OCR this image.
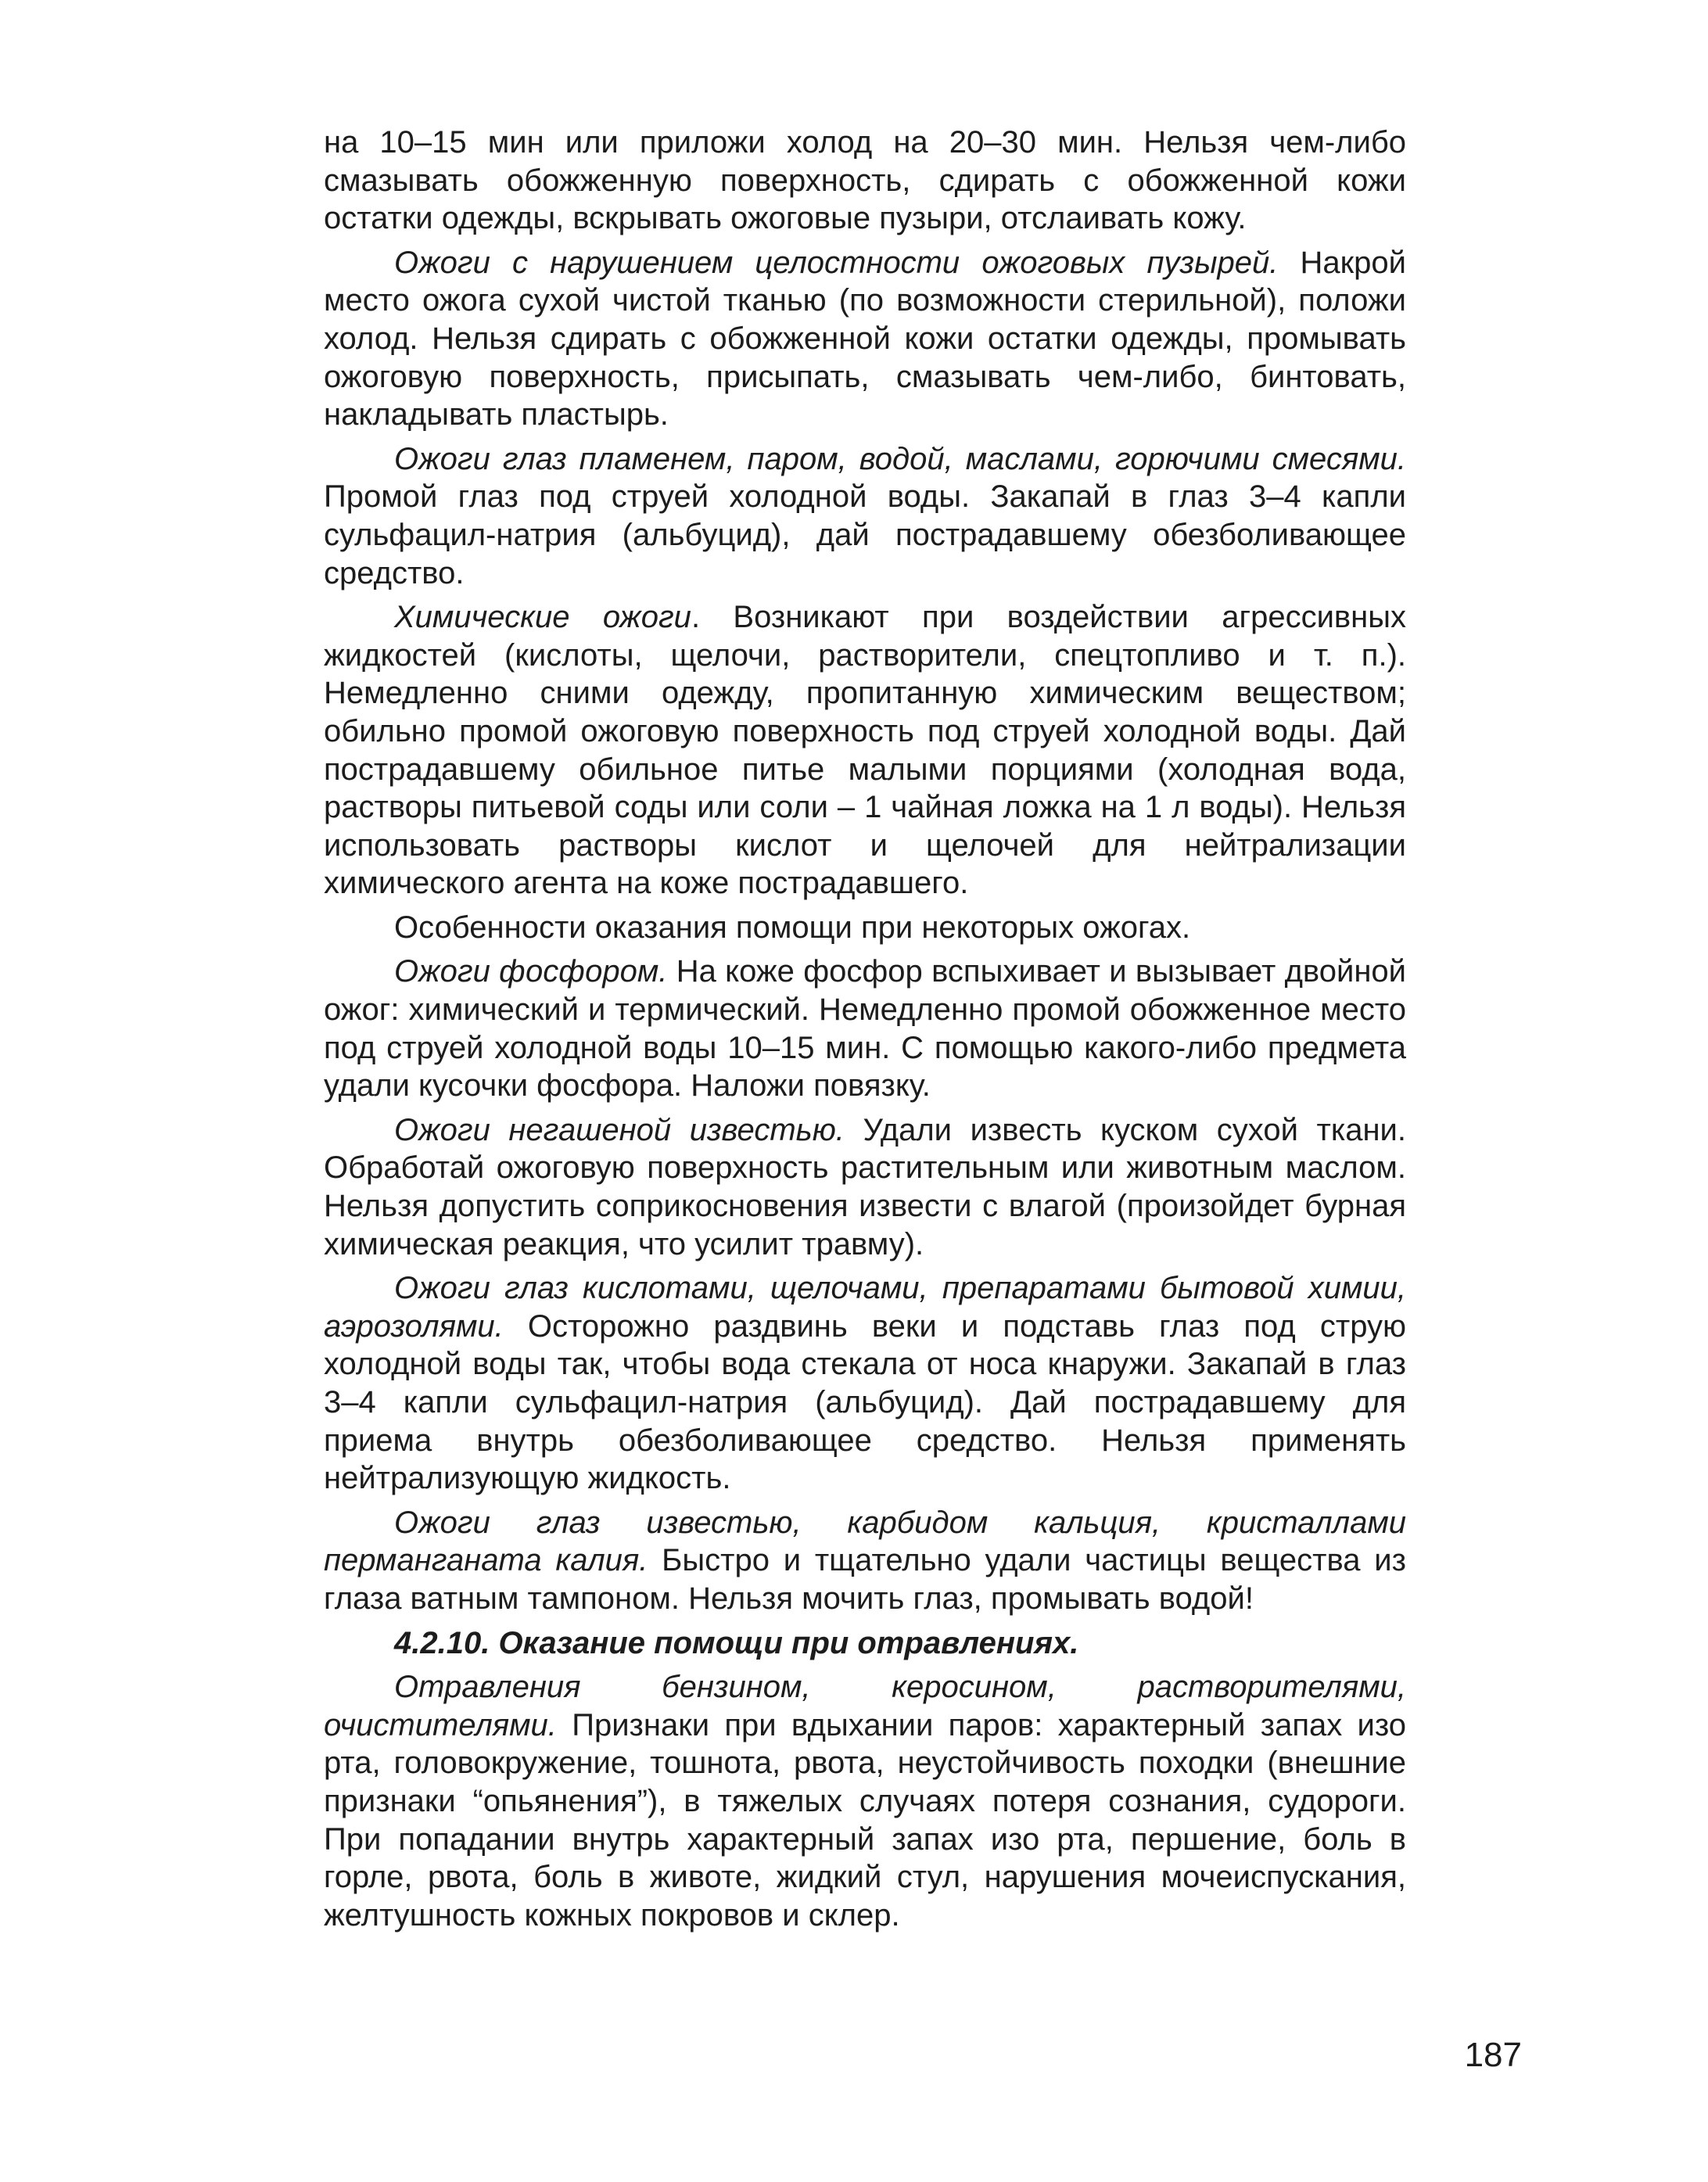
на 10–15 мин или приложи холод на 20–30 мин. Нельзя чем-либо смазывать обожженную поверхность, сдирать с обожженной кожи остатки одежды, вскрывать ожоговые пузыри, отслаивать кожу.

Ожоги с нарушением целостности ожоговых пузырей. Накрой место ожога сухой чистой тканью (по возможности стерильной), положи холод. Нельзя сдирать с обожженной кожи остатки одежды, промывать ожоговую поверхность, присыпать, смазывать чем-либо, бинтовать, накладывать пластырь.

Ожоги глаз пламенем, паром, водой, маслами, горючими смесями. Промой глаз под струей холодной воды. Закапай в глаз 3–4 капли сульфацил-натрия (альбуцид), дай пострадавшему обезболивающее средство.

Химические ожоги. Возникают при воздействии агрессивных жидкостей (кислоты, щелочи, растворители, спецтопливо и т. п.). Немедленно сними одежду, пропитанную химическим веществом; обильно промой ожоговую поверхность под струей холодной воды. Дай пострадавшему обильное питье малыми порциями (холодная вода, растворы питьевой соды или соли – 1 чайная ложка на 1 л воды). Нельзя использовать растворы кислот и щелочей для нейтрализации химического агента на коже пострадавшего.

Особенности оказания помощи при некоторых ожогах.

Ожоги фосфором. На коже фосфор вспыхивает и вызывает двойной ожог: химический и термический. Немедленно промой обожженное место под струей холодной воды 10–15 мин. С помощью какого-либо предмета удали кусочки фосфора. Наложи повязку.

Ожоги негашеной известью. Удали известь куском сухой ткани. Обработай ожоговую поверхность растительным или животным маслом. Нельзя допустить соприкосновения извести с влагой (произойдет бурная химическая реакция, что усилит травму).

Ожоги глаз кислотами, щелочами, препаратами бытовой химии, аэрозолями. Осторожно раздвинь веки и подставь глаз под струю холодной воды так, чтобы вода стекала от носа кнаружи. Закапай в глаз 3–4 капли сульфацил-натрия (альбуцид). Дай пострадавшему для приема внутрь обезболивающее средство. Нельзя применять нейтрализующую жидкость.

Ожоги глаз известью, карбидом кальция, кристаллами перманганата калия. Быстро и тщательно удали частицы вещества из глаза ватным тампоном. Нельзя мочить глаз, промывать водой!

4.2.10. Оказание помощи при отравлениях.

Отравления бензином, керосином, растворителями, очистителями. Признаки при вдыхании паров: характерный запах изо рта, головокружение, тошнота, рвота, неустойчивость походки (внешние признаки “опьянения”), в тяжелых случаях потеря сознания, судороги. При попадании внутрь характерный запах изо рта, першение, боль в горле, рвота, боль в животе, жидкий стул, нарушения мочеиспускания, желтушность кожных покровов и склер.

187
